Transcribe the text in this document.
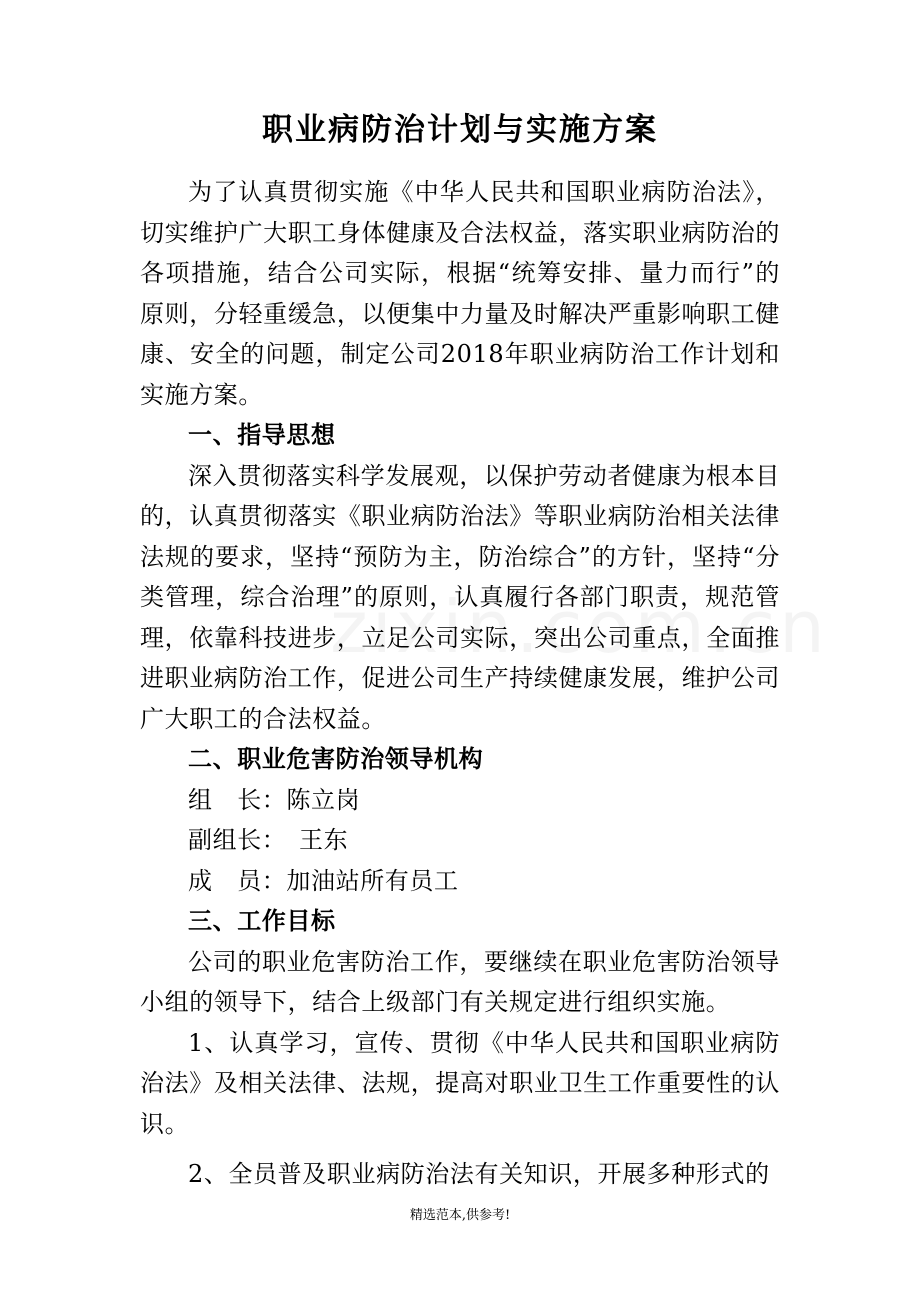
职业病防治计划与实施方案

为了认真贯彻实施《中华人民共和国职业病防治法》，切实维护广大职工身体健康及合法权益，落实职业病防治的各项措施，结合公司实际，根据“统筹安排、量力而行”的原则，分轻重缓急，以便集中力量及时解决严重影响职工健康、安全的问题，制定公司2018年职业病防治工作计划和实施方案。

一、指导思想

深入贯彻落实科学发展观，以保护劳动者健康为根本目的，认真贯彻落实《职业病防治法》等职业病防治相关法律法规的要求，坚持“预防为主，防治综合”的方针，坚持“分类管理，综合治理”的原则，认真履行各部门职责，规范管理，依靠科技进步，立足公司实际，突出公司重点，全面推进职业病防治工作，促进公司生产持续健康发展，维护公司广大职工的合法权益。

二、职业危害防治领导机构

组　长：陈立岗

副组长：　王东

成　员：加油站所有员工

三、工作目标

公司的职业危害防治工作，要继续在职业危害防治领导小组的领导下，结合上级部门有关规定进行组织实施。

1、认真学习，宣传、贯彻《中华人民共和国职业病防治法》及相关法律、法规，提高对职业卫生工作重要性的认识。

2、全员普及职业病防治法有关知识，开展多种形式的

精选范本,供参考!
